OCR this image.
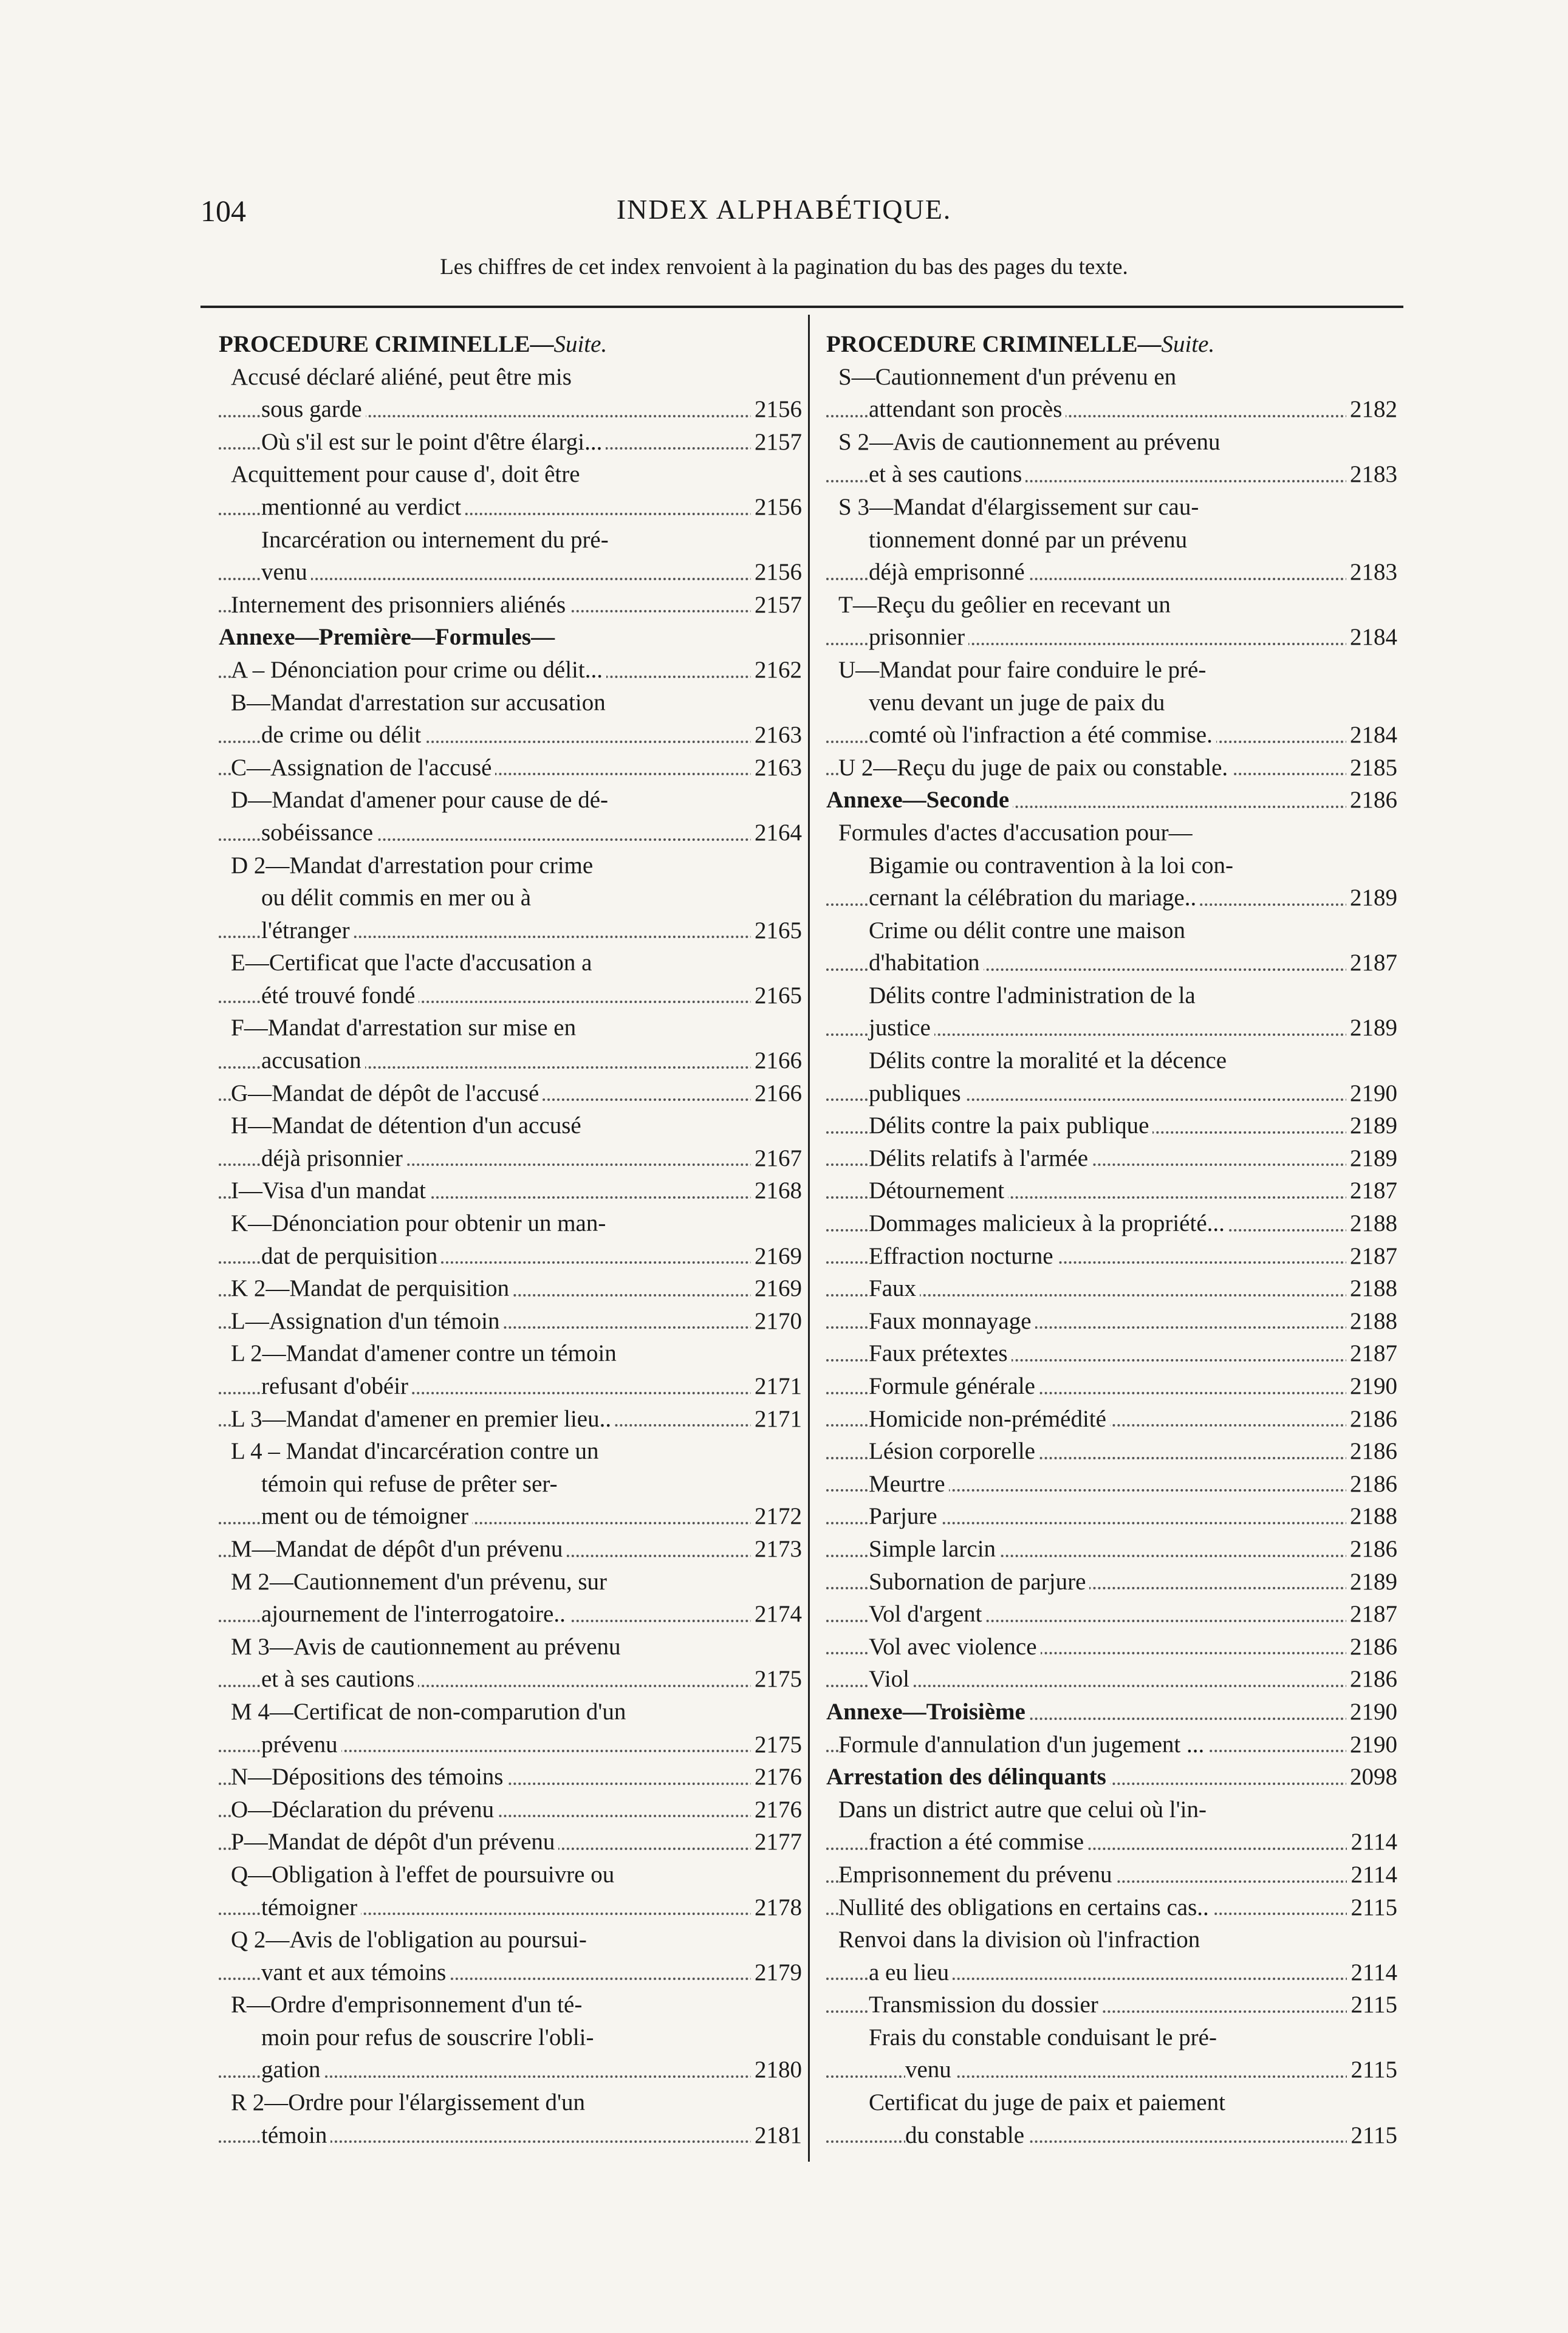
104	INDEX ALPHABÉTIQUE.
Les chiffres de cet index renvoient à la pagination du bas des pages du texte.
PROCEDURE CRIMINELLE—Suite.
Accusé déclaré aliéné, peut être mis
sous garde	2156
Où s'il est sur le point d'être élargi...	2157
Acquittement pour cause d', doit être
mentionné au verdict	2156
Incarcération ou internement du pré-
venu	2156
Internement des prisonniers aliénés	2157
Annexe—Première—Formules—
A – Dénonciation pour crime ou délit...	2162
B—Mandat d'arrestation sur accusation
de crime ou délit	2163
C—Assignation de l'accusé	2163
D—Mandat d'amener pour cause de dé-
sobéissance	2164
D 2—Mandat d'arrestation pour crime
ou délit commis en mer ou à
l'étranger	2165
E—Certificat que l'acte d'accusation a
été trouvé fondé	2165
F—Mandat d'arrestation sur mise en
accusation	2166
G—Mandat de dépôt de l'accusé	2166
H—Mandat de détention d'un accusé
déjà prisonnier	2167
I—Visa d'un mandat	2168
K—Dénonciation pour obtenir un man-
dat de perquisition	2169
K 2—Mandat de perquisition	2169
L—Assignation d'un témoin	2170
L 2—Mandat d'amener contre un témoin
refusant d'obéir	2171
L 3—Mandat d'amener en premier lieu..	2171
L 4 – Mandat d'incarcération contre un
témoin qui refuse de prêter ser-
ment ou de témoigner	2172
M—Mandat de dépôt d'un prévenu	2173
M 2—Cautionnement d'un prévenu, sur
ajournement de l'interrogatoire..	2174
M 3—Avis de cautionnement au prévenu
et à ses cautions	2175
M 4—Certificat de non-comparution d'un
prévenu	2175
N—Dépositions des témoins	2176
O—Déclaration du prévenu	2176
P—Mandat de dépôt d'un prévenu	2177
Q—Obligation à l'effet de poursuivre ou
témoigner	2178
Q 2—Avis de l'obligation au poursui-
vant et aux témoins	2179
R—Ordre d'emprisonnement d'un té-
moin pour refus de souscrire l'obli-
gation	2180
R 2—Ordre pour l'élargissement d'un
témoin	2181
PROCEDURE CRIMINELLE—Suite.
S—Cautionnement d'un prévenu en
attendant son procès	2182
S 2—Avis de cautionnement au prévenu
et à ses cautions	2183
S 3—Mandat d'élargissement sur cau-
tionnement donné par un prévenu
déjà emprisonné	2183
T—Reçu du geôlier en recevant un
prisonnier	2184
U—Mandat pour faire conduire le pré-
venu devant un juge de paix du
comté où l'infraction a été commise.	2184
U 2—Reçu du juge de paix ou constable.	2185
Annexe—Seconde	2186
Formules d'actes d'accusation pour—
Bigamie ou contravention à la loi con-
cernant la célébration du mariage..	2189
Crime ou délit contre une maison
d'habitation	2187
Délits contre l'administration de la
justice	2189
Délits contre la moralité et la décence
publiques	2190
Délits contre la paix publique	2189
Délits relatifs à l'armée	2189
Détournement	2187
Dommages malicieux à la propriété...	2188
Effraction nocturne	2187
Faux	2188
Faux monnayage	2188
Faux prétextes	2187
Formule générale	2190
Homicide non-prémédité	2186
Lésion corporelle	2186
Meurtre	2186
Parjure	2188
Simple larcin	2186
Subornation de parjure	2189
Vol d'argent	2187
Vol avec violence	2186
Viol	2186
Annexe—Troisième	2190
Formule d'annulation d'un jugement ...	2190
Arrestation des délinquants	2098
Dans un district autre que celui où l'in-
fraction a été commise	2114
Emprisonnement du prévenu	2114
Nullité des obligations en certains cas..	2115
Renvoi dans la division où l'infraction
a eu lieu	2114
Transmission du dossier	2115
Frais du constable conduisant le pré-
venu	2115
Certificat du juge de paix et paiement
du constable	2115
